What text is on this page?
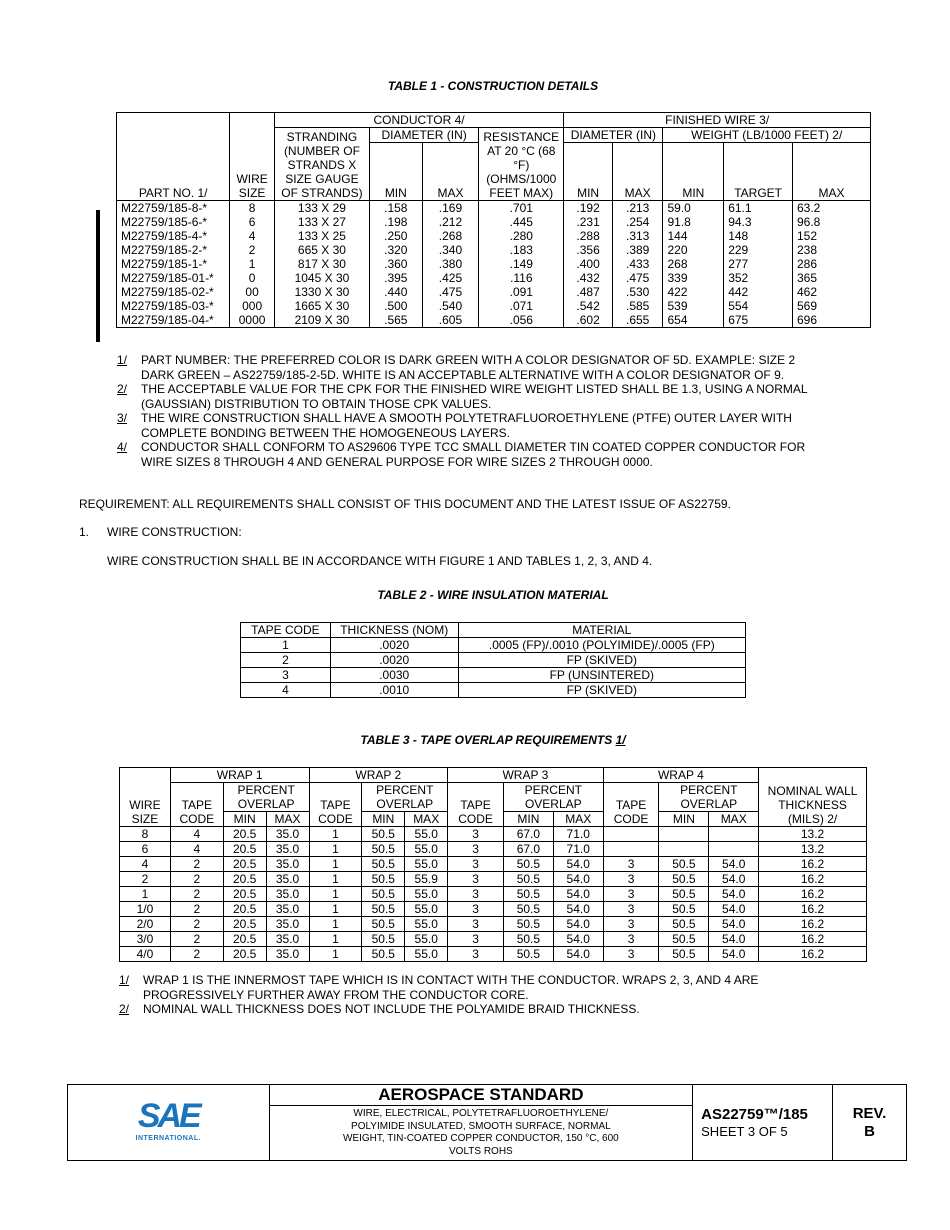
TABLE 1 - CONSTRUCTION DETAILS
PART NO. 1/	WIRE SIZE	CONDUCTOR 4/				FINISHED WIRE 3/				
		STRANDING (NUMBER OF STRANDS X SIZE GAUGE OF STRANDS)	DIAMETER (IN)		RESISTANCE AT 20 °C (68 °F) (OHMS/1000 FEET MAX)	DIAMETER (IN)		WEIGHT (LB/1000 FEET) 2/		
			MIN	MAX		MIN	MAX	MIN	TARGET	MAX
M22759/185-8-*	8	133 X 29	.158	.169	.701	.192	.213	59.0	61.1	63.2
M22759/185-6-*	6	133 X 27	.198	.212	.445	.231	.254	91.8	94.3	96.8
M22759/185-4-*	4	133 X 25	.250	.268	.280	.288	.313	144	148	152
M22759/185-2-*	2	665 X 30	.320	.340	.183	.356	.389	220	229	238
M22759/185-1-*	1	817 X 30	.360	.380	.149	.400	.433	268	277	286
M22759/185-01-*	0	1045 X 30	.395	.425	.116	.432	.475	339	352	365
M22759/185-02-*	00	1330 X 30	.440	.475	.091	.487	.530	422	442	462
M22759/185-03-*	000	1665 X 30	.500	.540	.071	.542	.585	539	554	569
M22759/185-04-*	0000	2109 X 30	.565	.605	.056	.602	.655	654	675	696
1/	PART NUMBER: THE PREFERRED COLOR IS DARK GREEN WITH A COLOR DESIGNATOR OF 5D. EXAMPLE: SIZE 2 DARK GREEN – AS22759/185-2-5D. WHITE IS AN ACCEPTABLE ALTERNATIVE WITH A COLOR DESIGNATOR OF 9.
2/	THE ACCEPTABLE VALUE FOR THE CPK FOR THE FINISHED WIRE WEIGHT LISTED SHALL BE 1.3, USING A NORMAL (GAUSSIAN) DISTRIBUTION TO OBTAIN THOSE CPK VALUES.
3/	THE WIRE CONSTRUCTION SHALL HAVE A SMOOTH POLYTETRAFLUOROETHYLENE (PTFE) OUTER LAYER WITH COMPLETE BONDING BETWEEN THE HOMOGENEOUS LAYERS.
4/	CONDUCTOR SHALL CONFORM TO AS29606 TYPE TCC SMALL DIAMETER TIN COATED COPPER CONDUCTOR FOR WIRE SIZES 8 THROUGH 4 AND GENERAL PURPOSE FOR WIRE SIZES 2 THROUGH 0000.
REQUIREMENT: ALL REQUIREMENTS SHALL CONSIST OF THIS DOCUMENT AND THE LATEST ISSUE OF AS22759.
1. WIRE CONSTRUCTION:
WIRE CONSTRUCTION SHALL BE IN ACCORDANCE WITH FIGURE 1 AND TABLES 1, 2, 3, AND 4.
TABLE 2 - WIRE INSULATION MATERIAL
TAPE CODE	THICKNESS (NOM)	MATERIAL
1	.0020	.0005 (FP)/.0010 (POLYIMIDE)/.0005 (FP)
2	.0020	FP (SKIVED)
3	.0030	FP (UNSINTERED)
4	.0010	FP (SKIVED)
TABLE 3 - TAPE OVERLAP REQUIREMENTS 1/
WIRE SIZE	WRAP 1			WRAP 2			WRAP 3			WRAP 4			NOMINAL WALL THICKNESS (MILS) 2/
	TAPE CODE	PERCENT OVERLAP		TAPE CODE	PERCENT OVERLAP		TAPE CODE	PERCENT OVERLAP		TAPE CODE	PERCENT OVERLAP		
		MIN	MAX		MIN	MAX		MIN	MAX		MIN	MAX	
8	4	20.5	35.0	1	50.5	55.0	3	67.0	71.0				13.2
6	4	20.5	35.0	1	50.5	55.0	3	67.0	71.0				13.2
4	2	20.5	35.0	1	50.5	55.0	3	50.5	54.0	3	50.5	54.0	16.2
2	2	20.5	35.0	1	50.5	55.9	3	50.5	54.0	3	50.5	54.0	16.2
1	2	20.5	35.0	1	50.5	55.0	3	50.5	54.0	3	50.5	54.0	16.2
1/0	2	20.5	35.0	1	50.5	55.0	3	50.5	54.0	3	50.5	54.0	16.2
2/0	2	20.5	35.0	1	50.5	55.0	3	50.5	54.0	3	50.5	54.0	16.2
3/0	2	20.5	35.0	1	50.5	55.0	3	50.5	54.0	3	50.5	54.0	16.2
4/0	2	20.5	35.0	1	50.5	55.0	3	50.5	54.0	3	50.5	54.0	16.2
1/	WRAP 1 IS THE INNERMOST TAPE WHICH IS IN CONTACT WITH THE CONDUCTOR. WRAPS 2, 3, AND 4 ARE PROGRESSIVELY FURTHER AWAY FROM THE CONDUCTOR CORE.
2/	NOMINAL WALL THICKNESS DOES NOT INCLUDE THE POLYAMIDE BRAID THICKNESS.
SAE
INTERNATIONAL.
	AEROSPACE STANDARD	
AS22759™/185
SHEET 3 OF 5

REV.
B

WIRE, ELECTRICAL, POLYTETRAFLUOROETHYLENE/ POLYIMIDE INSULATED, SMOOTH SURFACE, NORMAL WEIGHT, TIN-COATED COPPER CONDUCTOR, 150 °C, 600 VOLTS ROHS
